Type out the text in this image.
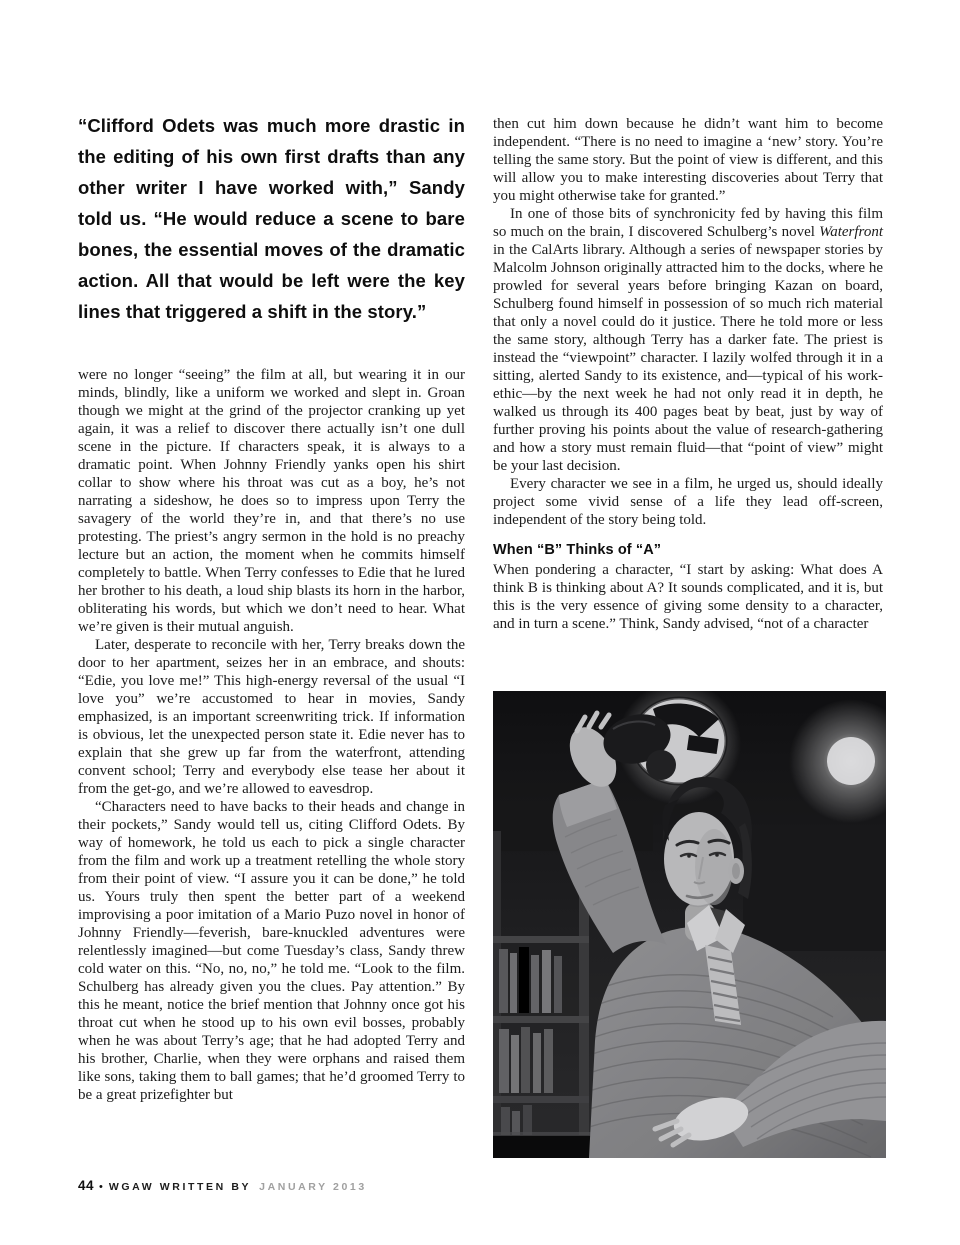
“Clifford Odets was much more drastic in the editing of his own first drafts than any other writer I have worked with,” Sandy told us. “He would reduce a scene to bare bones, the essential moves of the dramatic action. All that would be left were the key lines that triggered a shift in the story.”

were no longer “seeing” the film at all, but wearing it in our minds, blindly, like a uniform we worked and slept in. Groan though we might at the grind of the projector cranking up yet again, it was a relief to discover there actually isn’t one dull scene in the picture. If characters speak, it is always to a dramatic point. When Johnny Friendly yanks open his shirt collar to show where his throat was cut as a boy, he’s not narrating a sideshow, he does so to impress upon Terry the savagery of the world they’re in, and that there’s no use protesting. The priest’s angry sermon in the hold is no preachy lecture but an action, the moment when he commits himself completely to battle. When Terry confesses to Edie that he lured her brother to his death, a loud ship blasts its horn in the harbor, obliterating his words, but which we don’t need to hear. What we’re given is their mutual anguish.

Later, desperate to reconcile with her, Terry breaks down the door to her apartment, seizes her in an embrace, and shouts: “Edie, you love me!” This high-energy reversal of the usual “I love you” we’re accustomed to hear in movies, Sandy emphasized, is an important screenwriting trick. If information is obvious, let the unexpected person state it. Edie never has to explain that she grew up far from the waterfront, attending convent school; Terry and everybody else tease her about it from the get-go, and we’re allowed to eavesdrop.

“Characters need to have backs to their heads and change in their pockets,” Sandy would tell us, citing Clifford Odets. By way of homework, he told us each to pick a single character from the film and work up a treatment retelling the whole story from their point of view. “I assure you it can be done,” he told us. Yours truly then spent the better part of a weekend improvising a poor imitation of a Mario Puzo novel in honor of Johnny Friendly—feverish, bare-knuckled adventures were relentlessly imagined—but come Tuesday’s class, Sandy threw cold water on this. “No, no, no,” he told me. “Look to the film. Schulberg has already given you the clues. Pay attention.” By this he meant, notice the brief mention that Johnny once got his throat cut when he stood up to his own evil bosses, probably when he was about Terry’s age; that he had adopted Terry and his brother, Charlie, when they were orphans and raised them like sons, taking them to ball games; that he’d groomed Terry to be a great prizefighter but

then cut him down because he didn’t want him to become independent. “There is no need to imagine a ‘new’ story. You’re telling the same story. But the point of view is different, and this will allow you to make interesting discoveries about Terry that you might otherwise take for granted.”

In one of those bits of synchronicity fed by having this film so much on the brain, I discovered Schulberg’s novel Waterfront in the CalArts library. Although a series of newspaper stories by Malcolm Johnson originally attracted him to the docks, where he prowled for several years before bringing Kazan on board, Schulberg found himself in possession of so much rich material that only a novel could do it justice. There he told more or less the same story, although Terry has a darker fate. The priest is instead the “viewpoint” character. I lazily wolfed through it in a sitting, alerted Sandy to its existence, and—typical of his work-ethic—by the next week he had not only read it in depth, he walked us through its 400 pages beat by beat, just by way of further proving his points about the value of research-gathering and how a story must remain fluid—that “point of view” might be your last decision.

Every character we see in a film, he urged us, should ideally project some vivid sense of a life they lead off-screen, independent of the story being told.

When “B” Thinks of “A”

When pondering a character, “I start by asking: What does A think B is thinking about A? It sounds complicated, and it is, but this is the very essence of giving some density to a character, and in turn a scene.” Think, Sandy advised, “not of a character

44 • WGAW WRITTEN BY JANUARY 2013
